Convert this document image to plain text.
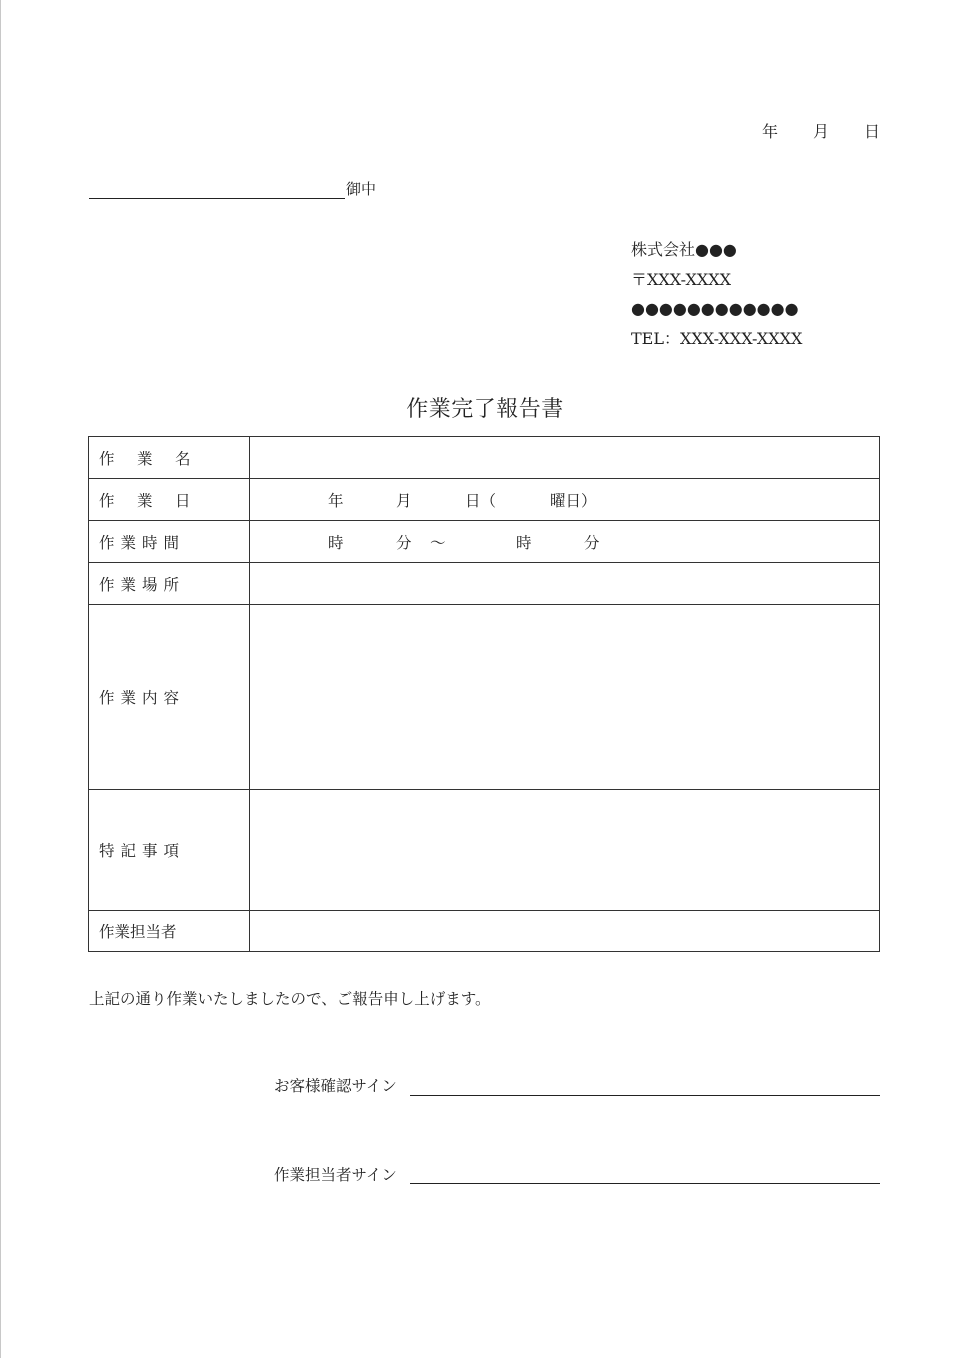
年 月 日
御中
株式会社●●●
〒XXX-XXXX
●●●●●●●●●●●●
TEL：XXX-XXX-XXXX
作業完了報告書
作 業 名	
作 業 日	年 月 日（ 曜日）

作業時間	時 分 ～ 時 分

作業場所	
作業内容	
特記事項	
作業担当者	
上記の通り作業いたしましたので、ご報告申し上げます。
お客様確認サイン
作業担当者サイン
